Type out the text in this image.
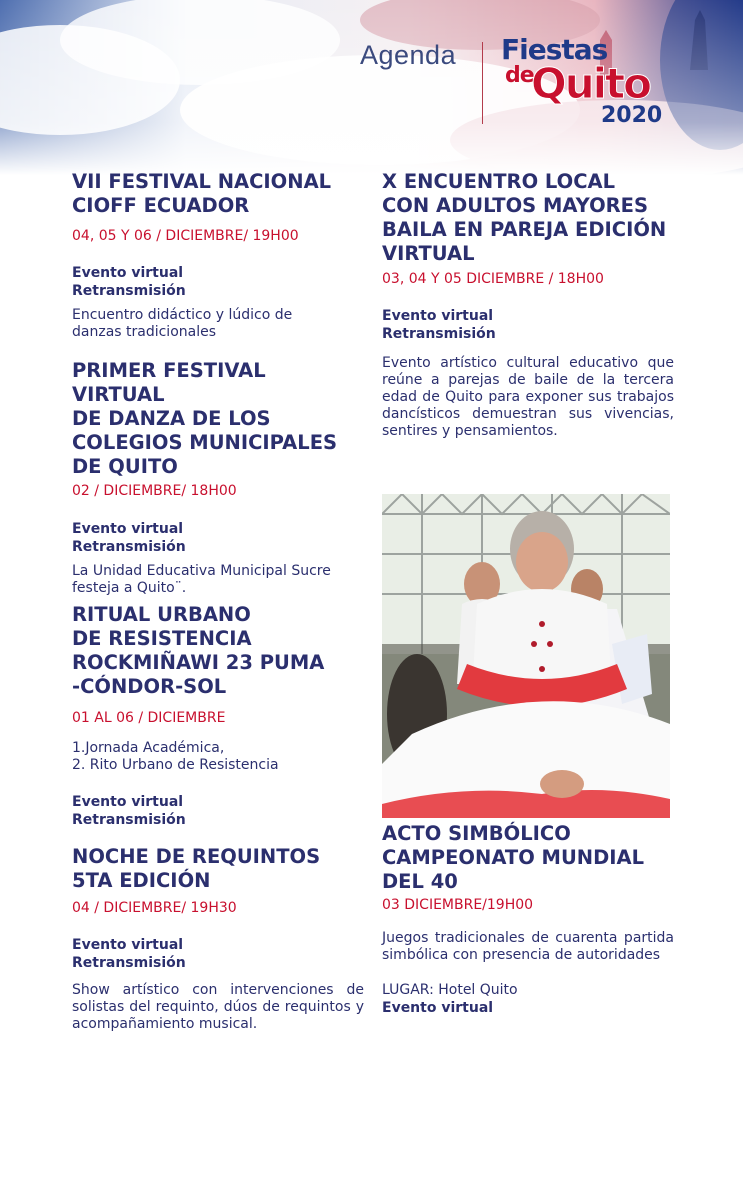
Agenda Fiestas
de
Quito
2020
VII FESTIVAL NACIONAL
CIOFF ECUADOR
04, 05 Y 06 / DICIEMBRE/ 19H00
Evento virtual
Retransmisión
Encuentro didáctico y lúdico de
danzas tradicionales
PRIMER FESTIVAL VIRTUAL
DE DANZA DE LOS
COLEGIOS MUNICIPALES
DE QUITO
02 / DICIEMBRE/ 18H00
Evento virtual
Retransmisión
La Unidad Educativa Municipal Sucre
festeja a Quito¨.
RITUAL URBANO
DE RESISTENCIA
ROCKMIÑAWI 23 PUMA
-CÓNDOR-SOL
01 AL 06 / DICIEMBRE
1.Jornada Académica,
2. Rito Urbano de Resistencia
Evento virtual
Retransmisión
NOCHE DE REQUINTOS
5TA EDICIÓN
04 / DICIEMBRE/ 19H30
Evento virtual
Retransmisión
Show artístico con intervenciones de solistas del requinto, dúos de requintos y acompañamiento musical.
X ENCUENTRO LOCAL
CON ADULTOS MAYORES
BAILA EN PAREJA EDICIÓN
VIRTUAL
03, 04 Y 05 DICIEMBRE / 18H00
Evento virtual
Retransmisión
Evento artístico cultural educativo que reúne a parejas de baile de la tercera edad de Quito para exponer sus trabajos dancísticos demuestran sus vivencias, sentires y pensamientos.
ACTO SIMBÓLICO
CAMPEONATO MUNDIAL
DEL 40
03 DICIEMBRE/19H00
Juegos tradicionales de cuarenta partida simbólica con presencia de autoridades
LUGAR: Hotel Quito
Evento virtual
